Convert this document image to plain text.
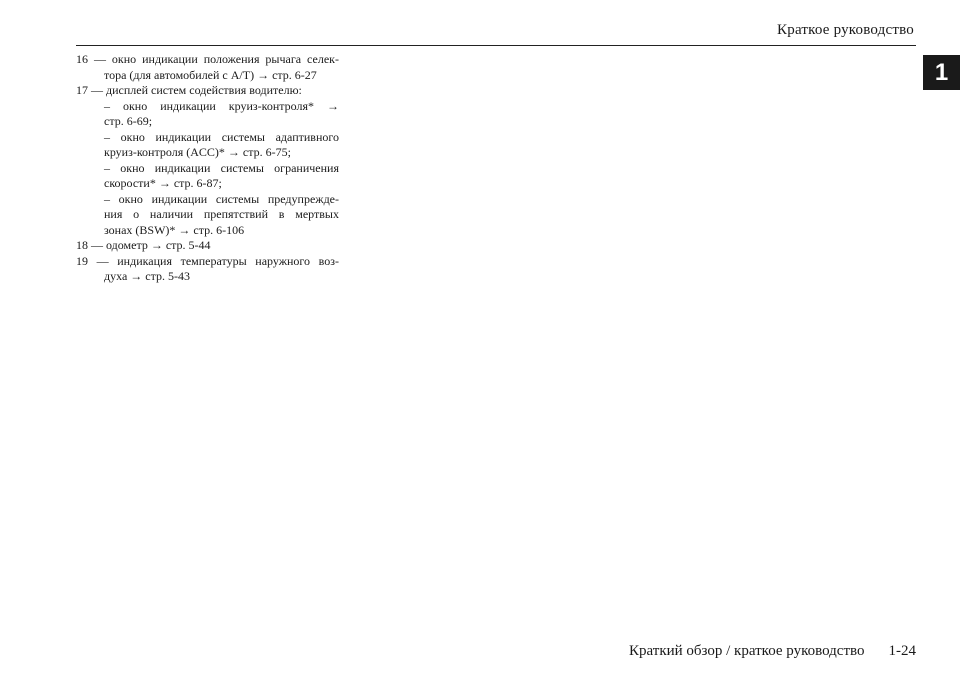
Краткое руководство
1
16 — окно индикации положения рычага селек-
тора (для автомобилей с A/T) → стр. 6-27
17 — дисплей систем содействия водителю:
– окно индикации круиз-контроля* →
стр. 6-69;
– окно индикации системы адаптивного
круиз-контроля (ACC)* → стр. 6-75;
– окно индикации системы ограничения
скорости* → стр. 6-87;
– окно индикации системы предупрежде-
ния о наличии препятствий в мертвых
зонах (BSW)* → стр. 6-106
18 — одометр → стр. 5-44
19 — индикация температуры наружного воз-
духа → стр. 5-43
Краткий обзор / краткое руководство 1-24
